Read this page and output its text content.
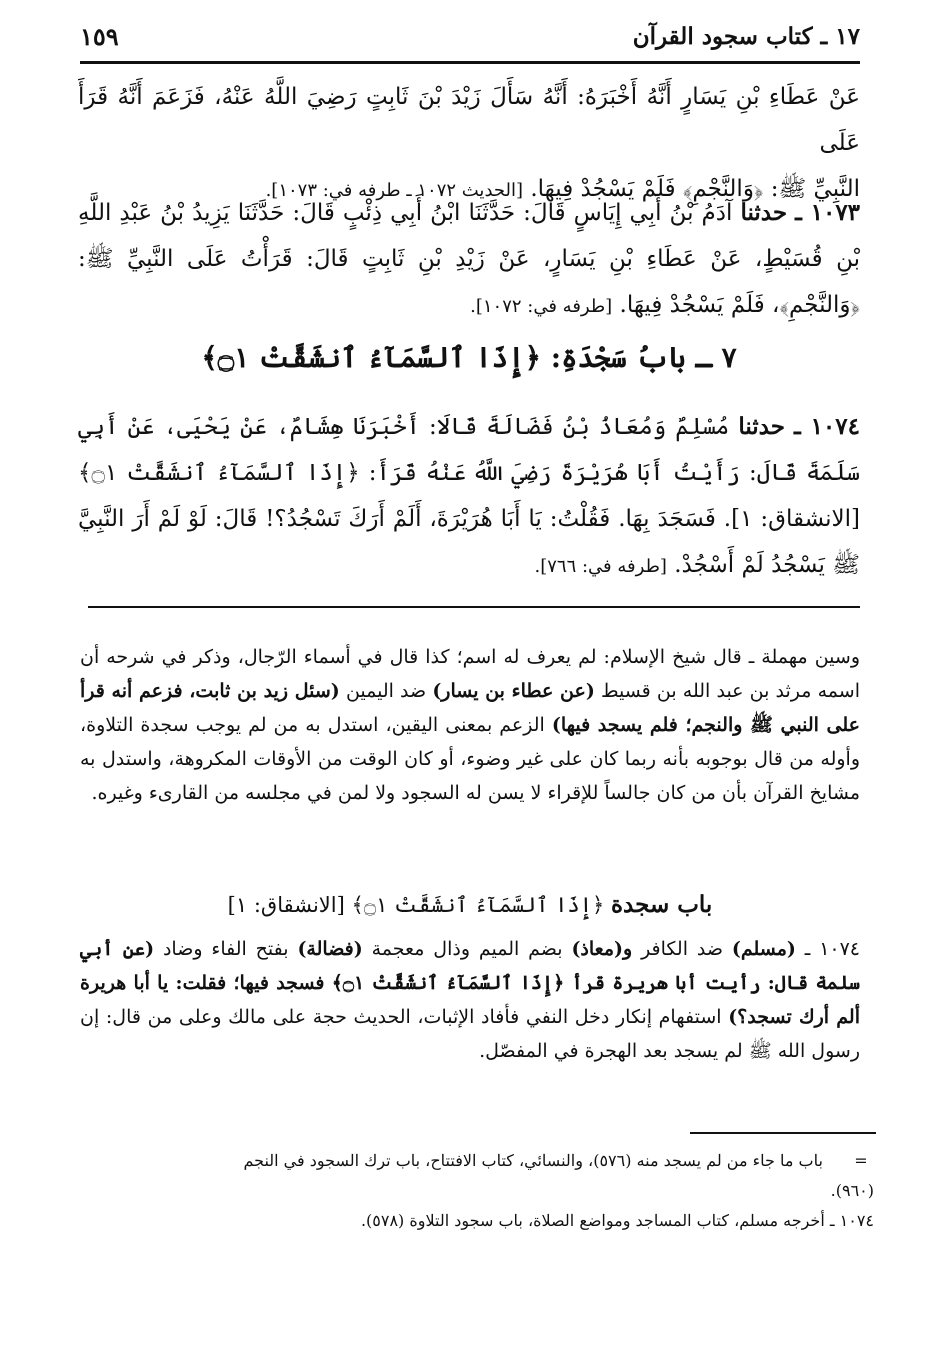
١٧ ـ كتاب سجود القرآن
١٥٩
عَنْ عَطَاءِ بْنِ يَسَارٍ أَنَّهُ أَخْبَرَهُ: أَنَّهُ سَأَلَ زَيْدَ بْنَ ثَابِتٍ رَضِيَ اللَّهُ عَنْهُ، فَزَعَمَ أَنَّهُ قَرَأَ عَلَى
النَّبِيِّ ﷺ: ﴿وَالنَّجْمِ﴾ فَلَمْ يَسْجُدْ فِيهَا. [الحديث ١٠٧٢ ـ طرفه في: ١٠٧٣].
١٠٧٣ ـ حدثنا آدَمُ بْنُ أَبِي إِيَاسٍ قَالَ: حَدَّثَنَا ابْنُ أَبِي ذِئْبٍ قَالَ: حَدَّثَنَا يَزِيدُ بْنُ عَبْدِ اللَّهِ بْنِ قُسَيْطٍ، عَنْ عَطَاءِ بْنِ يَسَارٍ، عَنْ زَيْدِ بْنِ ثَابِتٍ قَالَ: قَرَأْتُ عَلَى النَّبِيِّ ﷺ: ﴿وَالنَّجْمِ﴾، فَلَمْ يَسْجُدْ فِيهَا. [طرفه في: ١٠٧٢].
٧ ـ بابُ سَجْدَةِ: ﴿إِذَا ٱلسَّمَآءُ ٱنشَقَّتْ ۝١﴾
١٠٧٤ ـ حدثنا مُسْلِمٌ وَمُعَاذُ بْنُ فَضَالَةَ قَالَا: أَخْبَرَنَا هِشَامٌ، عَنْ يَحْيَى، عَنْ أَبِي سَلَمَةَ قَالَ: رَأَيْتُ أَبَا هُرَيْرَةَ رَضِيَ اللَّهُ عَنْهُ قَرَأَ: ﴿إِذَا ٱلسَّمَآءُ ٱنشَقَّتْ ۝١﴾ [الانشقاق: ١]. فَسَجَدَ بِهَا. فَقُلْتُ: يَا أَبَا هُرَيْرَةَ، أَلَمْ أَرَكَ تَسْجُدُ؟! قَالَ: لَوْ لَمْ أَرَ النَّبِيَّ ﷺ يَسْجُدُ لَمْ أَسْجُدْ. [طرفه في: ٧٦٦].
وسين مهملة ـ قال شيخ الإسلام: لم يعرف له اسم؛ كذا قال في أسماء الرّجال، وذكر في شرحه أن اسمه مرثد بن عبد الله بن قسيط (عن عطاء بن يسار) ضد اليمين (سئل زيد بن ثابت، فزعم أنه قرأ على النبي ﷺ والنجم؛ فلم يسجد فيها) الزعم بمعنى اليقين، استدل به من لم يوجب سجدة التلاوة، وأوله من قال بوجوبه بأنه ربما كان على غير وضوء، أو كان الوقت من الأوقات المكروهة، واستدل به مشايخ القرآن بأن من كان جالساً للإقراء لا يسن له السجود ولا لمن في مجلسه من القارىء وغيره.
باب سجدة ﴿إِذَا ٱلسَّمَآءُ ٱنشَقَّتْ ۝١﴾ [الانشقاق: ١]
١٠٧٤ ـ (مسلم) ضد الكافر و(معاذ) بضم الميم وذال معجمة (فضالة) بفتح الفاء وضاد (عن أبي سلمة قال: رأيت أبا هريرة قرأ ﴿إِذَا ٱلسَّمَآءُ ٱنشَقَّتْ ۝١﴾ فسجد فيها؛ فقلت: يا أبا هريرة ألم أرك تسجد؟) استفهام إنكار دخل النفي فأفاد الإثبات، الحديث حجة على مالك وعلى من قال: إن رسول الله ﷺ لم يسجد بعد الهجرة في المفصّل.
= باب ما جاء من لم يسجد منه (٥٧٦)، والنسائي، كتاب الافتتاح، باب ترك السجود في النجم
(٩٦٠).
١٠٧٤ ـ أخرجه مسلم، كتاب المساجد ومواضع الصلاة، باب سجود التلاوة (٥٧٨).
